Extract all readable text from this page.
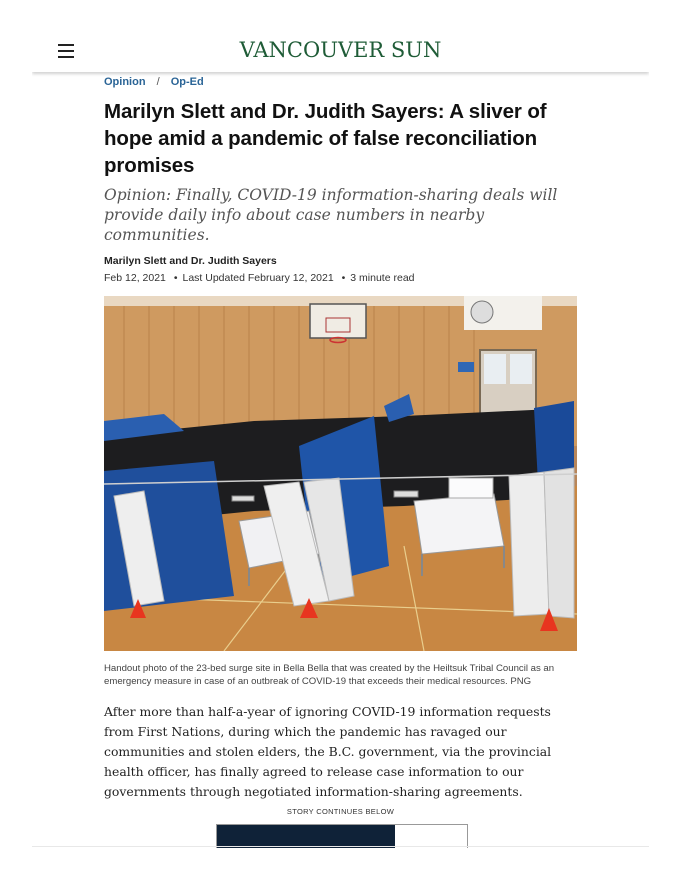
VANCOUVER SUN
Opinion / Op-Ed
Marilyn Slett and Dr. Judith Sayers: A sliver of hope amid a pandemic of false reconciliation promises

Opinion: Finally, COVID-19 information-sharing deals will provide daily info about case numbers in nearby communities.

Marilyn Slett and Dr. Judith Sayers
Feb 12, 2021 • Last Updated February 12, 2021 • 3 minute read
Handout photo of the 23-bed surge site in Bella Bella that was created by the Heiltsuk Tribal Council as an emergency measure in case of an outbreak of COVID-19 that exceeds their medical resources. PNG

After more than half-a-year of ignoring COVID-19 information requests from First Nations, during which the pandemic has ravaged our communities and stolen elders, the B.C. government, via the provincial health officer, has finally agreed to release case information to our governments through negotiated information-sharing agreements.

STORY CONTINUES BELOW
